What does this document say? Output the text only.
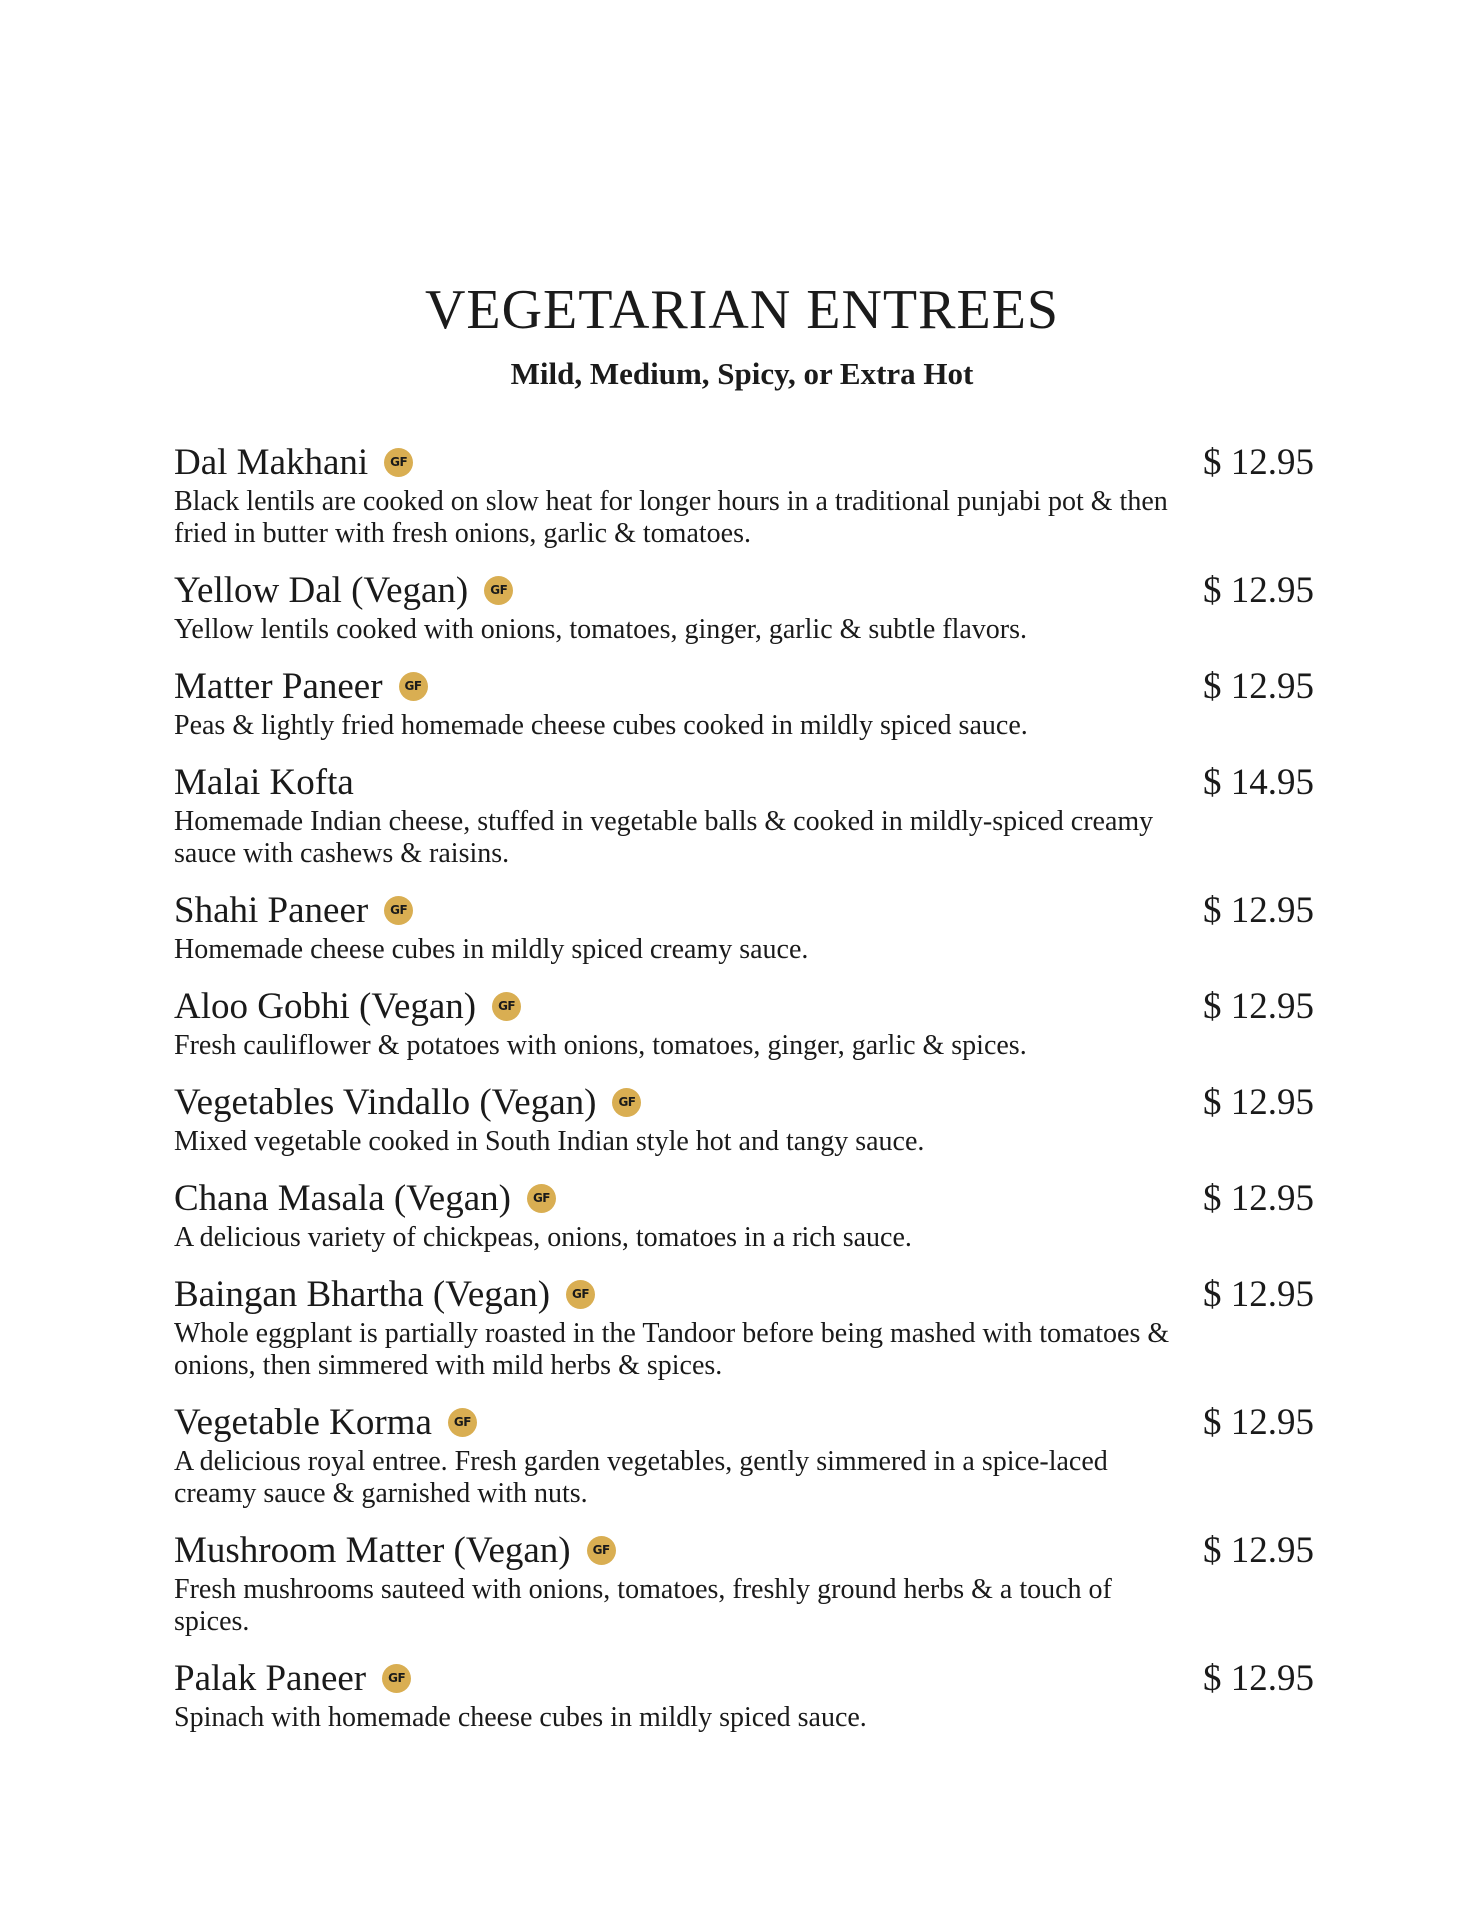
VEGETARIAN ENTREES
Mild, Medium, Spicy, or Extra Hot
Dal Makhani GF	$ 12.95

Black lentils are cooked on slow heat for longer hours in a traditional punjabi pot & then fried in butter with fresh onions, garlic & tomatoes.

Yellow Dal (Vegan) GF	$ 12.95

Yellow lentils cooked with onions, tomatoes, ginger, garlic & subtle flavors.

Matter Paneer GF	$ 12.95

Peas & lightly fried homemade cheese cubes cooked in mildly spiced sauce.

Malai Kofta	$ 14.95

Homemade Indian cheese, stuffed in vegetable balls & cooked in mildly-spiced creamy sauce with cashews & raisins.

Shahi Paneer GF	$ 12.95

Homemade cheese cubes in mildly spiced creamy sauce.

Aloo Gobhi (Vegan) GF	$ 12.95

Fresh cauliflower & potatoes with onions, tomatoes, ginger, garlic & spices.

Vegetables Vindallo (Vegan) GF	$ 12.95

Mixed vegetable cooked in South Indian style hot and tangy sauce.

Chana Masala (Vegan) GF	$ 12.95

A delicious variety of chickpeas, onions, tomatoes in a rich sauce.

Baingan Bhartha (Vegan) GF	$ 12.95

Whole eggplant is partially roasted in the Tandoor before being mashed with tomatoes & onions, then simmered with mild herbs & spices.

Vegetable Korma GF	$ 12.95

A delicious royal entree. Fresh garden vegetables, gently simmered in a spice-laced creamy sauce & garnished with nuts.

Mushroom Matter (Vegan) GF	$ 12.95

Fresh mushrooms sauteed with onions, tomatoes, freshly ground herbs & a touch of spices.

Palak Paneer GF	$ 12.95

Spinach with homemade cheese cubes in mildly spiced sauce.
